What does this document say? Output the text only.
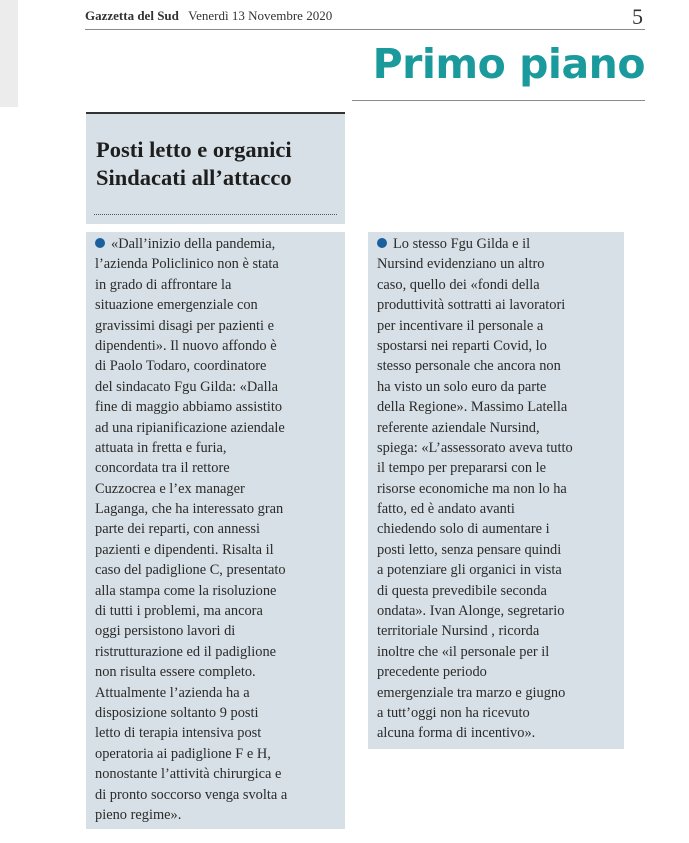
Gazzetta del Sud Venerdì 13 Novembre 2020	5
Primo piano
Posti letto e organici
Sindacati all’attacco
«Dall’inizio della pandemia,
l’azienda Policlinico non è stata
in grado di affrontare la
situazione emergenziale con
gravissimi disagi per pazienti e
dipendenti». Il nuovo affondo è
di Paolo Todaro, coordinatore
del sindacato Fgu Gilda: «Dalla
fine di maggio abbiamo assistito
ad una ripianificazione aziendale
attuata in fretta e furia,
concordata tra il rettore
Cuzzocrea e l’ex manager
Laganga, che ha interessato gran
parte dei reparti, con annessi
pazienti e dipendenti. Risalta il
caso del padiglione C, presentato
alla stampa come la risoluzione
di tutti i problemi, ma ancora
oggi persistono lavori di
ristrutturazione ed il padiglione
non risulta essere completo.
Attualmente l’azienda ha a
disposizione soltanto 9 posti
letto di terapia intensiva post
operatoria ai padiglione F e H,
nonostante l’attività chirurgica e
di pronto soccorso venga svolta a
pieno regime».
Lo stesso Fgu Gilda e il
Nursind evidenziano un altro
caso, quello dei «fondi della
produttività sottratti ai lavoratori
per incentivare il personale a
spostarsi nei reparti Covid, lo
stesso personale che ancora non
ha visto un solo euro da parte
della Regione». Massimo Latella
referente aziendale Nursind,
spiega: «L’assessorato aveva tutto
il tempo per prepararsi con le
risorse economiche ma non lo ha
fatto, ed è andato avanti
chiedendo solo di aumentare i
posti letto, senza pensare quindi
a potenziare gli organici in vista
di questa prevedibile seconda
ondata». Ivan Alonge, segretario
territoriale Nursind , ricorda
inoltre che «il personale per il
precedente periodo
emergenziale tra marzo e giugno
a tutt’oggi non ha ricevuto
alcuna forma di incentivo».
